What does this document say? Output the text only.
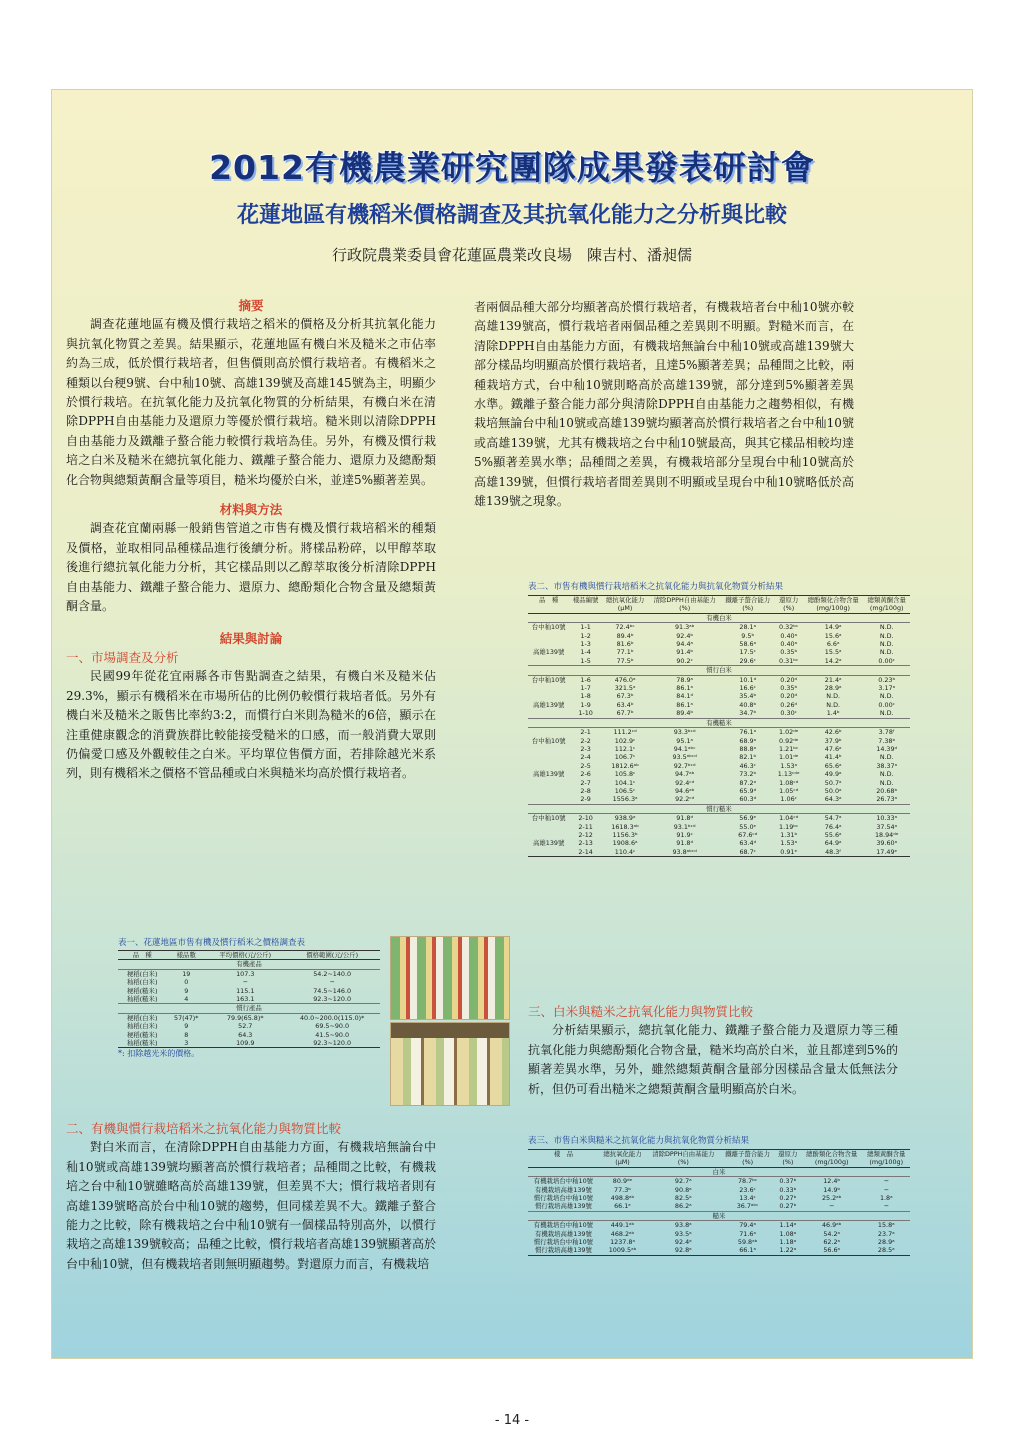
2012有機農業研究團隊成果發表研討會
花蓮地區有機稻米價格調查及其抗氧化能力之分析與比較
行政院農業委員會花蓮區農業改良場　陳吉村、潘昶儒
摘要

調查花蓮地區有機及慣行栽培之稻米的價格及分析其抗氧化能力與抗氧化物質之差異。結果顯示，花蓮地區有機白米及糙米之市佔率約為三成，低於慣行栽培者，但售價則高於慣行栽培者。有機稻米之種類以台稉9號、台中秈10號、高雄139號及高雄145號為主，明顯少於慣行栽培。在抗氧化能力及抗氧化物質的分析結果，有機白米在清除DPPH自由基能力及還原力等優於慣行栽培。糙米則以清除DPPH自由基能力及鐵離子螯合能力較慣行栽培為佳。另外，有機及慣行栽培之白米及糙米在總抗氧化能力、鐵離子螯合能力、還原力及總酚類化合物與總類黃酮含量等項目，糙米均優於白米，並達5%顯著差異。

材料與方法

調查花宜蘭兩縣一般銷售管道之市售有機及慣行栽培稻米的種類及價格，並取相同品種樣品進行後續分析。將樣品粉碎，以甲醇萃取後進行總抗氧化能力分析，其它樣品則以乙醇萃取後分析清除DPPH自由基能力、鐵離子螯合能力、還原力、總酚類化合物含量及總類黃酮含量。

結果與討論
一、市場調查及分析

民國99年從花宜兩縣各市售點調查之結果，有機白米及糙米佔 29.3%，顯示有機稻米在市場所佔的比例仍較慣行栽培者低。另外有機白米及糙米之販售比率約3:2，而慣行白米則為糙米的6倍，顯示在注重健康觀念的消費族群比較能接受糙米的口感，而一般消費大眾則仍偏愛口感及外觀較佳之白米。平均單位售價方面，若排除越光米系列，則有機稻米之價格不管品種或白米與糙米均高於慣行栽培者。

表一、花蓮地區市售有機及慣行稻米之價格調查表
品　種	樣品數	平均價格(元/公斤)	價格範圍(元/公斤)
有機產品			
稉稻(白米)	19	107.3	54.2~140.0
秈稻(白米)	0	─	─
稉稻(糙米)	9	115.1	74.5~146.0
秈稻(糙米)	4	163.1	92.3~120.0
慣行產品			
稉稻(白米)	57(47)*	79.9(65.8)*	40.0~200.0(115.0)*
秈稻(白米)	9	52.7	69.5~90.0
稉稻(糙米)	8	64.3	41.5~90.0
秈稻(糙米)	3	109.9	92.3~120.0
*: 扣除越光米的價格。
二、有機與慣行栽培稻米之抗氧化能力與物質比較

對白米而言，在清除DPPH自由基能力方面，有機栽培無論台中秈10號或高雄139號均顯著高於慣行栽培者；品種間之比較，有機栽培之台中秈10號雖略高於高雄139號，但差異不大；慣行栽培者則有高雄139號略高於台中秈10號的趨勢，但同樣差異不大。鐵離子螯合能力之比較，除有機栽培之台中秈10號有一個樣品特別高外，以慣行栽培之高雄139號較高；品種之比較，慣行栽培者高雄139號顯著高於台中秈10號，但有機栽培者則無明顯趨勢。對還原力而言，有機栽培

者兩個品種大部分均顯著高於慣行栽培者，有機栽培者台中秈10號亦較高雄139號高，慣行栽培者兩個品種之差異則不明顯。對糙米而言，在清除DPPH自由基能力方面，有機栽培無論台中秈10號或高雄139號大部分樣品均明顯高於慣行栽培者，且達5%顯著差異；品種間之比較，兩種栽培方式，台中秈10號則略高於高雄139號，部分達到5%顯著差異水準。鐵離子螯合能力部分與清除DPPH自由基能力之趨勢相似，有機栽培無論台中秈10號或高雄139號均顯著高於慣行栽培者之台中秈10號或高雄139號，尤其有機栽培之台中秈10號最高，與其它樣品相較均達5%顯著差異水準；品種間之差異，有機栽培部分呈現台中秈10號高於高雄139號，但慣行栽培者間差異則不明顯或呈現台中秈10號略低於高雄139號之現象。

表二、市售有機與慣行栽培稻米之抗氧化能力與抗氧化物質分析結果
品　種	樣品編號	總抗氧化能力	清除DPPH自由基能力	鐵離子螯合能力	還原力	總酚類化合物含量	總類黃酮含量
		(μM)	(%)	(%)	(%)	(mg/100g)	(mg/100g)
有機白米							
台中秈10號	1-1	72.4ᵇᶜ	91.3ᵃᵇ	28.1ᵃ	0.32ᵇᶜ	14.9ᵃ	N.D.
	1-2	89.4ᵇ	92.4ᵇ	9.5ᵇ	0.40ᵃ	15.6ᵃ	N.D.
	1-3	81.6ᵇ	94.4ᵃ	58.6ᵃ	0.40ᵃ	6.6ᵃ	N.D.
高雄139號	1-4	77.1ᵇ	91.4ᵇ	17.5ᶜ	0.35ᵇ	15.5ᵃ	N.D.
	1-5	77.5ᵇ	90.2ᶜ	29.6ᶜ	0.31ᵇᶜ	14.2ᵃ	0.00ᶜ
慣行白米							
台中秈10號	1-6	476.0ᵃ	78.9ᵃ	10.1ᵈ	0.20ᵈ	21.4ᵃ	0.23ᵇ
	1-7	321.5ᵃ	86.1ᵃ	16.6ᶜ	0.35ᵇ	28.9ᵃ	3.17ᵃ
	1-8	67.3ᵇ	84.1ᵈ	35.4ᵇ	0.20ᵈ	N.D.	N.D.
高雄139號	1-9	63.4ᵇ	86.1ᵃ	40.8ᵇ	0.26ᵈ	N.D.	0.00ᶜ
	1-10	67.7ᵇ	89.4ᵇ	34.7ᵇ	0.30ᶜ	1.4ᵇ	N.D.
有機糙米							
	2-1	111.2ᶜᵈ	93.3ᵇᶜᵈ	76.1ᵃ	1.02ᵈᵉ	42.6ᵇ	3.78ᶠ
台中秈10號	2-2	102.9ᶜ	95.1ᵃ	68.9ᵃ	0.92ᵈᵉ	37.9ᵇ	7.38ᵇ
	2-3	112.1ᶜ	94.1ᵃᵇᶜ	88.8ᵃ	1.21ᵇᶜ	47.6ᵃ	14.39ᵈ
	2-4	106.7ᶜ	93.5ᵃᵇᶜᵈ	82.1ᵇ	1.01ᵈᵉ	41.4ᵇ	N.D.
	2-5	1812.6ᵃᵇ	92.7ᵇᶜᵈ	46.3ᶜ	1.53ᵃ	65.6ᵃ	38.37ᵃ
高雄139號	2-6	105.8ᶜ	94.7ᵃᵇ	73.2ᵇ	1.13ᶜᵈᵉ	49.9ᵃ	N.D.
	2-7	104.1ᶜ	92.4ᶜᵈ	87.2ᵃ	1.08ᶜᵈ	50.7ᵃ	N.D.
	2-8	106.5ᶜ	94.6ᵃᵇ	65.9ᵈ	1.05ᶜᵈ	50.0ᵃ	20.68ᵇ
	2-9	1556.3ᵃ	92.2ᶜᵈ	60.3ᵈ	1.06ᶜ	64.3ᵃ	26.73ᵃ
慣行糙米							
台中秈10號	2-10	938.9ᵃ	91.8ᵈ	56.9ᵉ	1.04ᶜᵈ	54.7ᵃ	10.33ᵃ
	2-11	1618.3ᵃᵇ	93.1ᵇᶜᵈ	55.0ᵉ	1.19ᵇᶜ	76.4ᵃ	37.54ᵃ
	2-12	1156.3ᵇ	91.9ᶜ	67.6ᶜᵈ	1.31ᵇ	55.6ᵃ	18.94ᵈᵉ
高雄139號	2-13	1908.6ᵃ	91.8ᵈ	63.4ᵈ	1.53ᵃ	64.9ᵃ	39.60ᵃ
	2-14	110.4ᶜ	93.8ᵃᵇᶜᵈ	68.7ᶜ	0.91ᵉ	48.3ᶠ	17.49ᵉ
三、白米與糙米之抗氧化能力與物質比較

分析結果顯示，總抗氧化能力、鐵離子螯合能力及還原力等三種抗氧化能力與總酚類化合物含量，糙米均高於白米，並且都達到5%的顯著差異水準，另外，雖然總類黃酮含量部分因樣品含量太低無法分析，但仍可看出糙米之總類黃酮含量明顯高於白米。

表三、市售白米與糙米之抗氧化能力與抗氧化物質分析結果
樣　品	總抗氧化能力	清除DPPH自由基能力	鐵離子螯合能力	還原力	總酚類化合物含量	總類黃酮含量
	(μM)	(%)	(%)	(%)	(mg/100g)	(mg/100g)
白米						
有機栽培台中秈10號	80.9ᵈᵉ	92.7ᵃ	78.7ᵇᶜ	0.37ᵇ	12.4ᵇ	─
有機栽培高雄139號	77.3ᵇ	90.8ᵃ	23.6ᶜ	0.33ᵇ	14.9ᵇ	─
慣行栽培台中秈10號	498.8ᵃᵇ	82.5ᵃ	13.4ᶜ	0.27ᵇ	25.2ᵃᵇ	1.8ᵃ
慣行栽培高雄139號	66.1ᵉ	86.2ᵃ	36.7ᵃᵇᶜ	0.27ᵇ	─	─
糙米						
有機栽培台中秈10號	449.1ᵃᵇ	93.8ᵃ	79.4ᵃ	1.14ᵃ	46.9ᵃᵇ	15.8ᵃ
有機栽培高雄139號	468.2ᵃᵇ	93.5ᵃ	71.6ᵃ	1.08ᵃ	54.2ᵃ	23.7ᵃ
慣行栽培台中秈10號	1237.8ᵃ	92.4ᵃ	59.8ᵃᵇ	1.18ᵃ	62.2ᵃ	28.9ᵃ
慣行栽培高雄139號	1009.5ᵃᵇ	92.8ᵃ	66.1ᵃ	1.22ᵃ	56.6ᵃ	28.5ᵃ
- 14 -
